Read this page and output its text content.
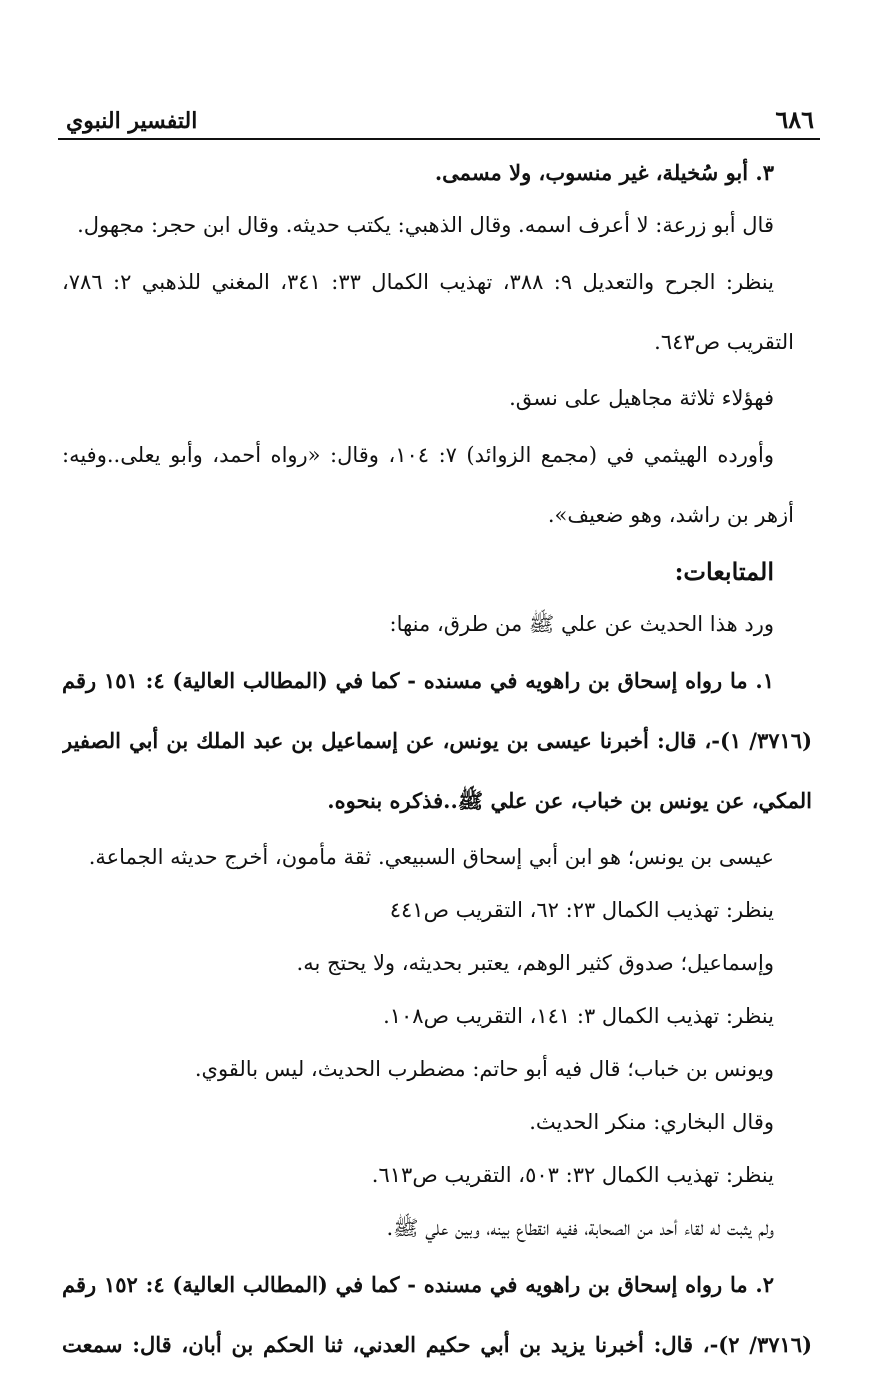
٦٨٦
التفسير النبوي
٣. أبو سُخيلة، غير منسوب، ولا مسمى.
قال أبو زرعة: لا أعرف اسمه. وقال الذهبي: يكتب حديثه. وقال ابن حجر: مجهول.
ينظر: الجرح والتعديل ٩: ٣٨٨، تهذيب الكمال ٣٣: ٣٤١، المغني للذهبي ٢: ٧٨٦،
التقريب ص٦٤٣.
فهؤلاء ثلاثة مجاهيل على نسق.
وأورده الهيثمي في (مجمع الزوائد) ٧: ١٠٤، وقال: «رواه أحمد، وأبو يعلى..وفيه:
أزهر بن راشد، وهو ضعيف».
المتابعات:
ورد هذا الحديث عن علي ﷺ من طرق، منها:
١. ما رواه إسحاق بن راهويه في مسنده - كما في (المطالب العالية) ٤: ١٥١ رقم
(٣٧١٦/ ١)-، قال: أخبرنا عيسى بن يونس، عن إسماعيل بن عبد الملك بن أبي الصفير
المكي، عن يونس بن خباب، عن علي ﷺ..فذكره بنحوه.
عيسى بن يونس؛ هو ابن أبي إسحاق السبيعي. ثقة مأمون، أخرج حديثه الجماعة.
ينظر: تهذيب الكمال ٢٣: ٦٢، التقريب ص٤٤١
وإسماعيل؛ صدوق كثير الوهم، يعتبر بحديثه، ولا يحتج به.
ينظر: تهذيب الكمال ٣: ١٤١، التقريب ص١٠٨.
ويونس بن خباب؛ قال فيه أبو حاتم: مضطرب الحديث، ليس بالقوي.
وقال البخاري: منكر الحديث.
ينظر: تهذيب الكمال ٣٢: ٥٠٣، التقريب ص٦١٣.
ولم يثبت له لقاء أحد من الصحابة، ففيه انقطاع بينه، وبين علي ﷺ.
٢. ما رواه إسحاق بن راهويه في مسنده - كما في (المطالب العالية) ٤: ١٥٢ رقم
(٣٧١٦/ ٢)-، قال: أخبرنا يزيد بن أبي حكيم العدني، ثنا الحكم بن أبان، قال: سمعت
